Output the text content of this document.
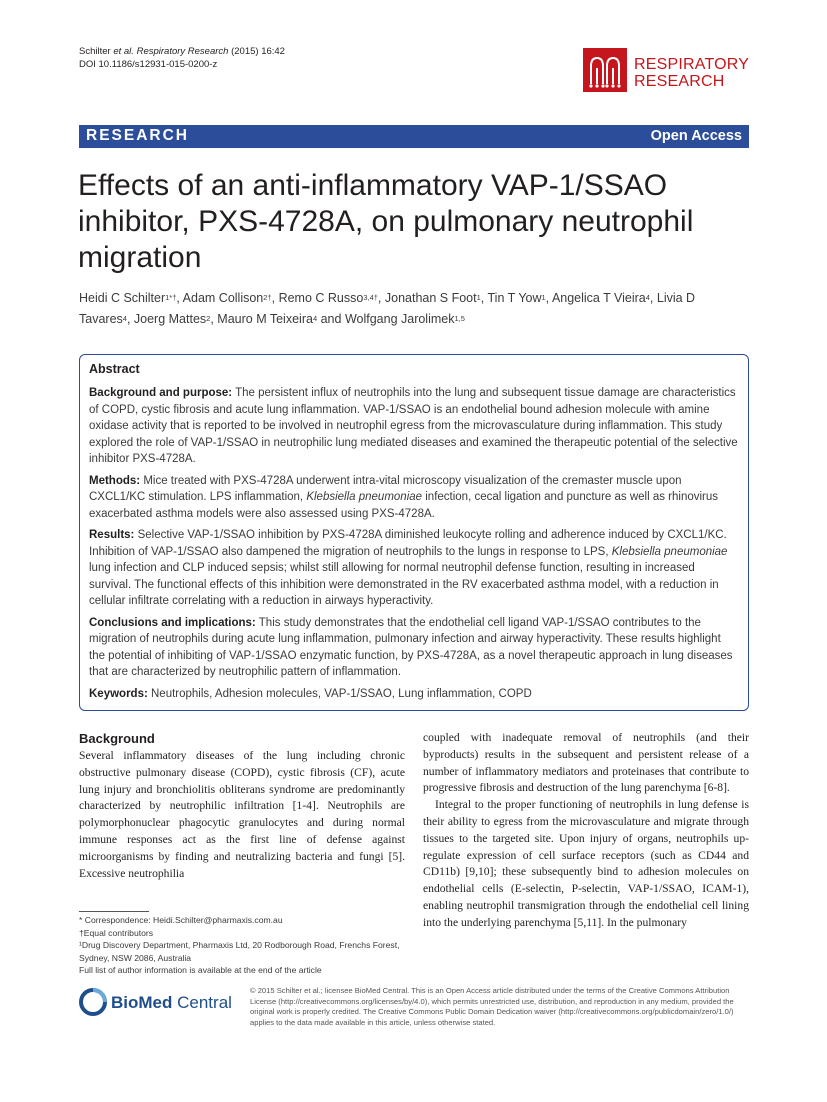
Schilter et al. Respiratory Research (2015) 16:42
DOI 10.1186/s12931-015-0200-z	RESPIRATORY
RESEARCH
RESEARCH	Open Access
Effects of an anti-inflammatory VAP-1/SSAO inhibitor, PXS-4728A, on pulmonary neutrophil migration
Heidi C Schilter$^{1*\dagger}$, Adam Collison$^{2\dagger}$, Remo C Russo$^{3,4\dagger}$, Jonathan S Foot$^1$, Tin T Yow$^1$, Angelica T Vieira$^4$, Livia D Tavares$^4$, Joerg Mattes$^2$, Mauro M Teixeira$^4$ and Wolfgang Jarolimek$^{1,5}$
Abstract

Background and purpose: The persistent influx of neutrophils into the lung and subsequent tissue damage are characteristics of COPD, cystic fibrosis and acute lung inflammation. VAP-1/SSAO is an endothelial bound adhesion molecule with amine oxidase activity that is reported to be involved in neutrophil egress from the microvasculature during inflammation. This study explored the role of VAP-1/SSAO in neutrophilic lung mediated diseases and examined the therapeutic potential of the selective inhibitor PXS-4728A.

Methods: Mice treated with PXS-4728A underwent intra-vital microscopy visualization of the cremaster muscle upon CXCL1/KC stimulation. LPS inflammation, Klebsiella pneumoniae infection, cecal ligation and puncture as well as rhinovirus exacerbated asthma models were also assessed using PXS-4728A.

Results: Selective VAP-1/SSAO inhibition by PXS-4728A diminished leukocyte rolling and adherence induced by CXCL1/KC. Inhibition of VAP-1/SSAO also dampened the migration of neutrophils to the lungs in response to LPS, Klebsiella pneumoniae lung infection and CLP induced sepsis; whilst still allowing for normal neutrophil defense function, resulting in increased survival. The functional effects of this inhibition were demonstrated in the RV exacerbated asthma model, with a reduction in cellular infiltrate correlating with a reduction in airways hyperactivity.

Conclusions and implications: This study demonstrates that the endothelial cell ligand VAP-1/SSAO contributes to the migration of neutrophils during acute lung inflammation, pulmonary infection and airway hyperactivity. These results highlight the potential of inhibiting of VAP-1/SSAO enzymatic function, by PXS-4728A, as a novel therapeutic approach in lung diseases that are characterized by neutrophilic pattern of inflammation.

Keywords: Neutrophils, Adhesion molecules, VAP-1/SSAO, Lung inflammation, COPD

Background

Several inflammatory diseases of the lung including chronic obstructive pulmonary disease (COPD), cystic fibrosis (CF), acute lung injury and bronchiolitis obliterans syndrome are predominantly characterized by neutrophilic infiltration [1-4]. Neutrophils are polymorphonuclear phagocytic granulocytes and during normal immune responses act as the first line of defense against microorganisms by finding and neutralizing bacteria and fungi [5]. Excessive neutrophilia

coupled with inadequate removal of neutrophils (and their byproducts) results in the subsequent and persistent release of a number of inflammatory mediators and proteinases that contribute to progressive fibrosis and destruction of the lung parenchyma [6-8].

Integral to the proper functioning of neutrophils in lung defense is their ability to egress from the microvasculature and migrate through tissues to the targeted site. Upon injury of organs, neutrophils up-regulate expression of cell surface receptors (such as CD44 and CD11b) [9,10]; these subsequently bind to adhesion molecules on endothelial cells (E-selectin, P-selectin, VAP-1/SSAO, ICAM-1), enabling neutrophil transmigration through the endothelial cell lining into the underlying parenchyma [5,11]. In the pulmonary

* Correspondence: Heidi.Schilter@pharmaxis.com.au
†Equal contributors
¹Drug Discovery Department, Pharmaxis Ltd, 20 Rodborough Road, Frenchs Forest, Sydney, NSW 2086, Australia
Full list of author information is available at the end of the article
BioMed Central
© 2015 Schilter et al.; licensee BioMed Central. This is an Open Access article distributed under the terms of the Creative Commons Attribution License (http://creativecommons.org/licenses/by/4.0), which permits unrestricted use, distribution, and reproduction in any medium, provided the original work is properly credited. The Creative Commons Public Domain Dedication waiver (http://creativecommons.org/publicdomain/zero/1.0/) applies to the data made available in this article, unless otherwise stated.
